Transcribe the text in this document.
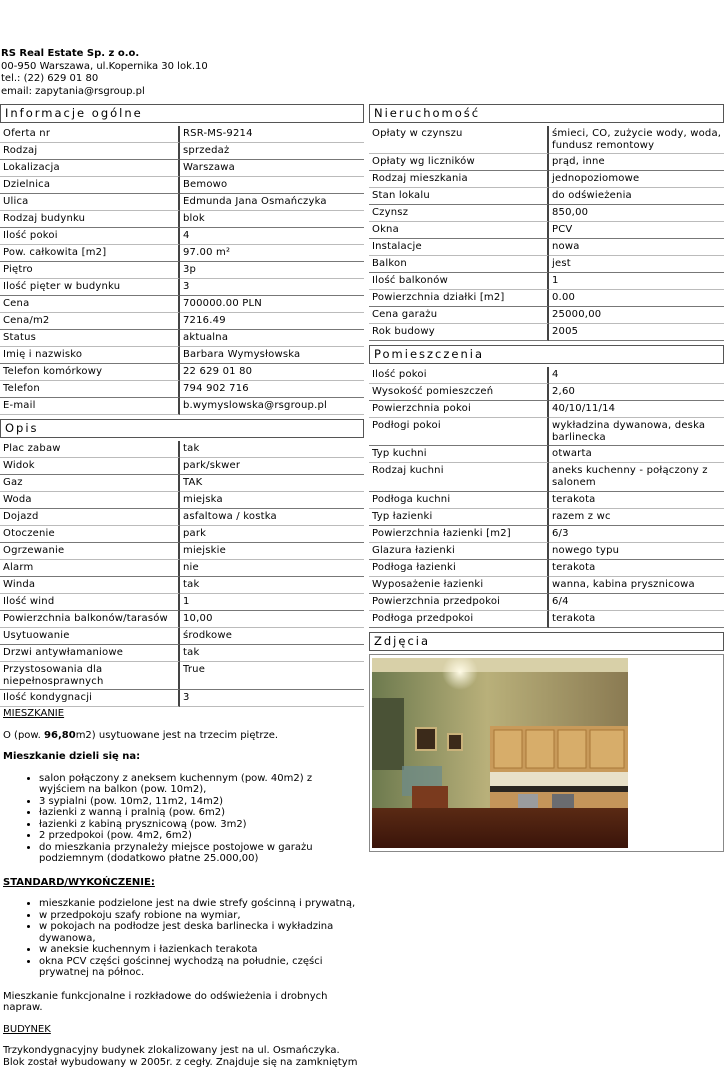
RS Real Estate Sp. z o.o.
00-950 Warszawa, ul.Kopernika 30 lok.10
tel.: (22) 629 01 80
email: zapytania@rsgroup.pl
Informacje ogólne
Oferta nr	RSR-MS-9214
Rodzaj	sprzedaż
Lokalizacja	Warszawa
Dzielnica	Bemowo
Ulica	Edmunda Jana Osmańczyka
Rodzaj budynku	blok
Ilość pokoi	4
Pow. całkowita [m2]	97.00 m²
Piętro	3p
Ilość pięter w budynku	3
Cena	700000.00 PLN
Cena/m2	7216.49
Status	aktualna
Imię i nazwisko	Barbara Wymysłowska
Telefon komórkowy	22 629 01 80
Telefon	794 902 716
E-mail	b.wymyslowska@rsgroup.pl
Opis
Plac zabaw	tak
Widok	park/skwer
Gaz	TAK
Woda	miejska
Dojazd	asfaltowa / kostka
Otoczenie	park
Ogrzewanie	miejskie
Alarm	nie
Winda	tak
Ilość wind	1
Powierzchnia balkonów/tarasów	10,00
Usytuowanie	środkowe
Drzwi antywłamaniowe	tak
Przystosowania dla niepełnosprawnych	True
Ilość kondygnacji	3

MIESZKANIE

O (pow. 96,80m2) usytuowane jest na trzecim piętrze.

Mieszkanie dzieli się na:

• salon połączony z aneksem kuchennym (pow. 40m2) z wyjściem na balkon (pow. 10m2),
• 3 sypialni (pow. 10m2, 11m2, 14m2)
• łazienki z wanną i pralnią (pow. 6m2)
• łazienki z kabiną prysznicową (pow. 3m2)
• 2 przedpokoi (pow. 4m2, 6m2)
• do mieszkania przynależy miejsce postojowe w garażu podziemnym (dodatkowo płatne 25.000,00)

STANDARD/WYKOŃCZENIE:

• mieszkanie podzielone jest na dwie strefy gościnną i prywatną,
• w przedpokoju szafy robione na wymiar,
• w pokojach na podłodze jest deska barlinecka i wykładzina dywanowa,
• w aneksie kuchennym i łazienkach terakota
• okna PCV części gościnnej wychodzą na południe, części prywatnej na północ.

Mieszkanie funkcjonalne i rozkładowe do odświeżenia i drobnych napraw.

BUDYNEK

Trzykondygnacyjny budynek zlokalizowany jest na ul. Osmańczyka. Blok został wybudowany w 2005r. z cegły. Znajduje się na zamkniętym

Nieruchomość
Opłaty w czynszu	śmieci, CO, zużycie wody, woda, fundusz remontowy
Opłaty wg liczników	prąd, inne
Rodzaj mieszkania	jednopoziomowe
Stan lokalu	do odświeżenia
Czynsz	850,00
Okna	PCV
Instalacje	nowa
Balkon	jest
Ilość balkonów	1
Powierzchnia działki [m2]	0.00
Cena garażu	25000,00
Rok budowy	2005
Pomieszczenia
Ilość pokoi	4
Wysokość pomieszczeń	2,60
Powierzchnia pokoi	40/10/11/14
Podłogi pokoi	wykładzina dywanowa, deska barlinecka
Typ kuchni	otwarta
Rodzaj kuchni	aneks kuchenny - połączony z salonem
Podłoga kuchni	terakota
Typ łazienki	razem z wc
Powierzchnia łazienki [m2]	6/3
Glazura łazienki	nowego typu
Podłoga łazienki	terakota
Wyposażenie łazienki	wanna, kabina prysznicowa
Powierzchnia przedpokoi	6/4
Podłoga przedpokoi	terakota
Zdjęcia
